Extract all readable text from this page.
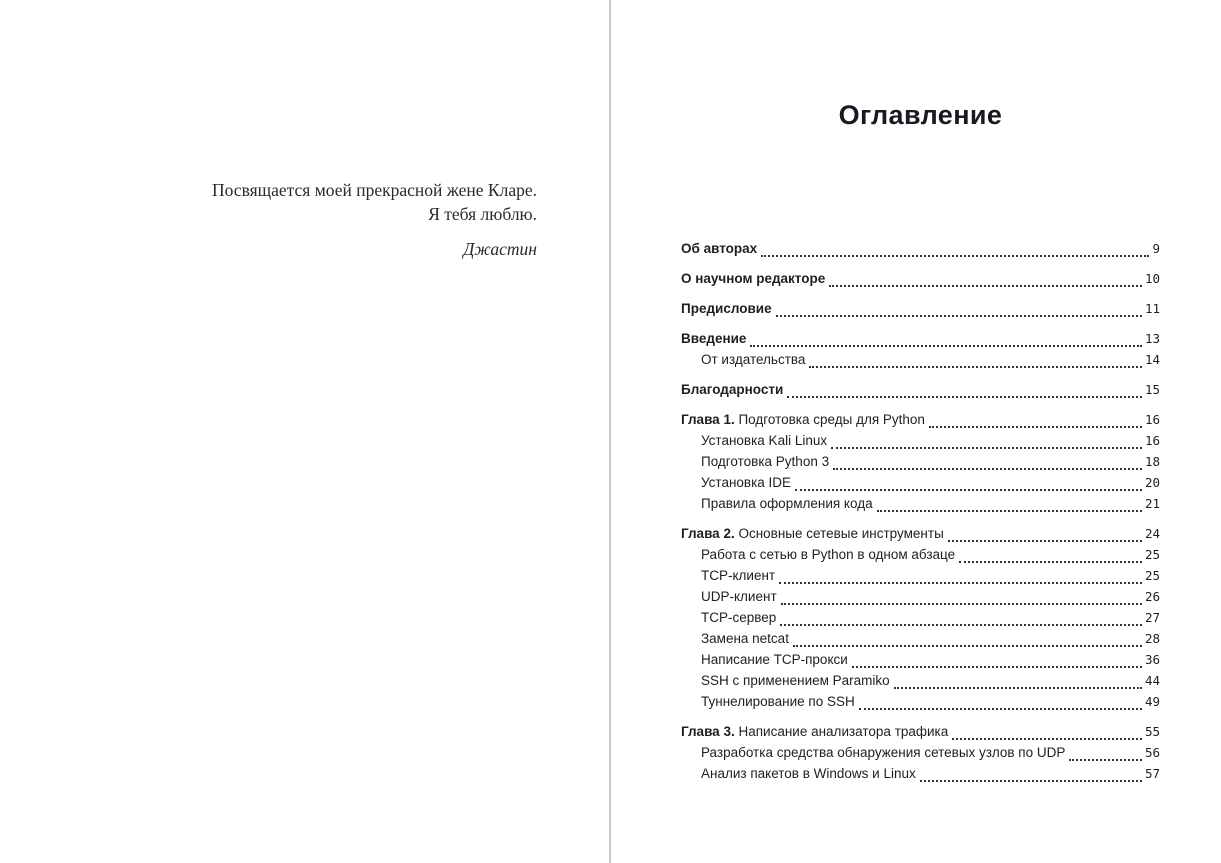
Посвящается моей прекрасной жене Кларе.

Я тебя люблю.

Джастин

Оглавление
Об авторах	9
О научном редакторе	10
Предисловие	11
Введение	13
От издательства	14
Благодарности	15
Глава 1. Подготовка среды для Python	16
Установка Kali Linux	16
Подготовка Python 3	18
Установка IDE	20
Правила оформления кода	21
Глава 2. Основные сетевые инструменты	24
Работа с сетью в Python в одном абзаце	25
TCP-клиент	25
UDP-клиент	26
TCP-сервер	27
Замена netcat	28
Написание TCP-прокси	36
SSH с применением Paramiko	44
Туннелирование по SSH	49
Глава 3. Написание анализатора трафика	55
Разработка средства обнаружения сетевых узлов по UDP	56
Анализ пакетов в Windows и Linux	57
